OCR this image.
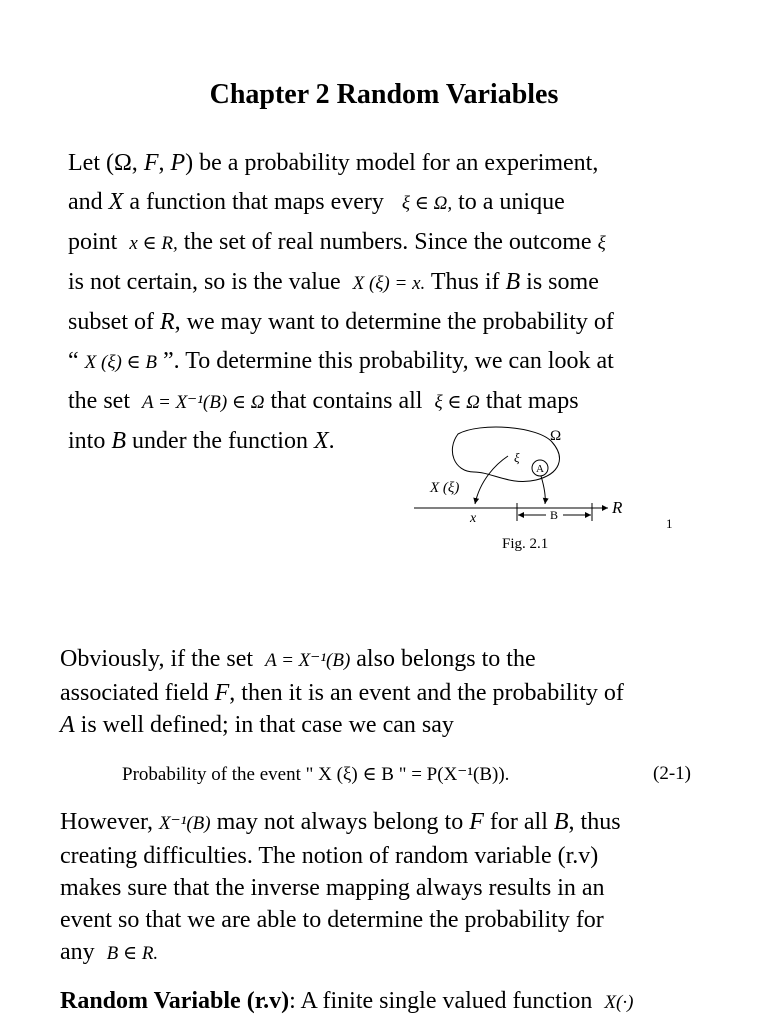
Chapter 2 Random Variables
Let (Ω, F, P) be a probability model for an experiment,
and X a function that maps every   ξ ∈ Ω, to a unique
point  x ∈ R, the set of real numbers. Since the outcome ξ
is not certain, so is the value  X (ξ) = x. Thus if B is some
subset of R, we may want to determine the probability of
“ X (ξ) ∈ B ”. To determine this probability, we can look at
the set  A = X⁻¹(B) ∈ Ω that contains all  ξ ∈ Ω that maps
into B under the function X.	Ω
ξ
A
X (ξ)
R
x	B
1
Fig. 2.1
Obviously, if the set  A = X⁻¹(B) also belongs to the
associated field F, then it is an event and the probability of
A is well defined; in that case we can say
Probability of the event " X (ξ) ∈ B " = P(X⁻¹(B)).	(2-1)
However, X⁻¹(B) may not always belong to F for all B, thus
creating difficulties. The notion of random variable (r.v)
makes sure that the inverse mapping always results in an
event so that we are able to determine the probability for
any  B ∈ R.
Random Variable (r.v): A finite single valued function  X(·)
